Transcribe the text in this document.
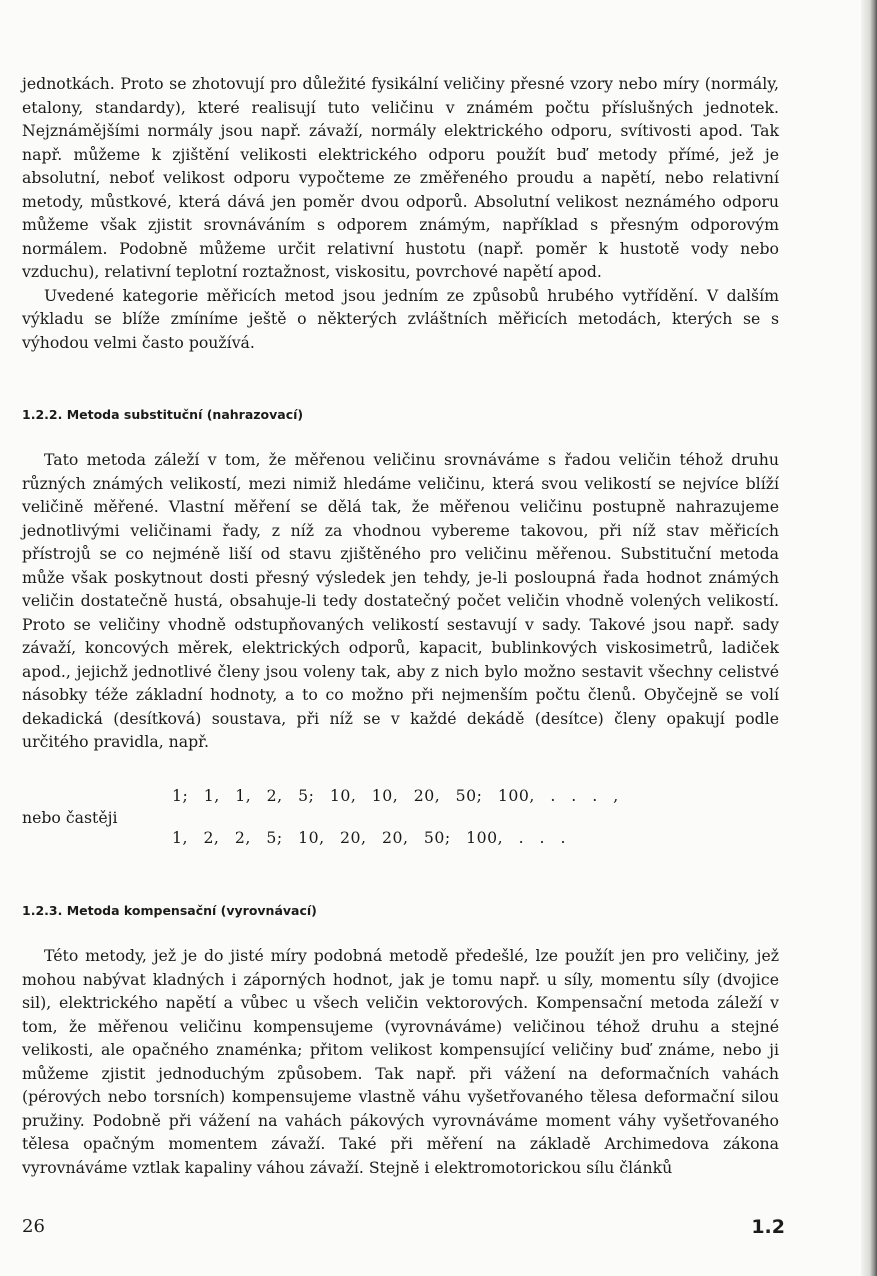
jednotkách. Proto se zhotovují pro důležité fysikální veličiny přesné vzory nebo míry (normály, etalony, standardy), které realisují tuto veličinu v známém počtu příslušných jednotek. Nejznámějšími normály jsou např. závaží, normály elektrického odporu, svítivosti apod. Tak např. můžeme k zjištění velikosti elektrického odporu použít buď metody přímé, jež je absolutní, neboť velikost odporu vypočteme ze změřeného proudu a napětí, nebo relativní metody, můstkové, která dává jen poměr dvou odporů. Absolutní velikost neznámého odporu můžeme však zjistit srovnáváním s odporem známým, například s přesným odporovým normálem. Podobně můžeme určit relativní hustotu (např. poměr k hustotě vody nebo vzduchu), relativní teplotní roztažnost, viskositu, povrchové napětí apod.

Uvedené kategorie měřicích metod jsou jedním ze způsobů hrubého vytřídění. V dalším výkladu se blíže zmíníme ještě o některých zvláštních měřicích metodách, kterých se s výhodou velmi často používá.

1.2.2. Metoda substituční (nahrazovací)

Tato metoda záleží v tom, že měřenou veličinu srovnáváme s řadou veličin téhož druhu různých známých velikostí, mezi nimiž hledáme veličinu, která svou velikostí se nejvíce blíží veličině měřené. Vlastní měření se dělá tak, že měřenou veličinu postupně nahrazujeme jednotlivými veličinami řady, z níž za vhodnou vybereme takovou, při níž stav měřicích přístrojů se co nejméně liší od stavu zjištěného pro veličinu měřenou. Substituční metoda může však poskytnout dosti přesný výsledek jen tehdy, je-li posloupná řada hodnot známých veličin dostatečně hustá, obsahuje-li tedy dostatečný počet veličin vhodně volených velikostí. Proto se veličiny vhodně odstupňovaných velikostí sestavují v sady. Takové jsou např. sady závaží, koncových měrek, elektrických odporů, kapacit, bublinkových viskosimetrů, ladiček apod., jejichž jednotlivé členy jsou voleny tak, aby z nich bylo možno sestavit všechny celistvé násobky téže základní hodnoty, a to co možno při nejmenším počtu členů. Obyčejně se volí dekadická (desítková) soustava, při níž se v každé dekádě (desítce) členy opakují podle určitého pravidla, např.

1; 1, 1, 2, 5; 10, 10, 20, 50; 100, . . . ,
nebo častěji
1, 2, 2, 5; 10, 20, 20, 50; 100, . . .
1.2.3. Metoda kompensační (vyrovnávací)

Této metody, jež je do jisté míry podobná metodě předešlé, lze použít jen pro veličiny, jež mohou nabývat kladných i záporných hodnot, jak je tomu např. u síly, momentu síly (dvojice sil), elektrického napětí a vůbec u všech veličin vektorových. Kompensační metoda záleží v tom, že měřenou veličinu kompensujeme (vyrovnáváme) veličinou téhož druhu a stejné velikosti, ale opačného znaménka; přitom velikost kompensující veličiny buď známe, nebo ji můžeme zjistit jednoduchým způsobem. Tak např. při vážení na deformačních vahách (pérových nebo torsních) kompensujeme vlastně váhu vyšetřovaného tělesa deformační silou pružiny. Podobně při vážení na vahách pákových vyrovnáváme moment váhy vyšetřovaného tělesa opačným momentem závaží. Také při měření na základě Archimedova zákona vyrovnáváme vztlak kapaliny váhou závaží. Stejně i elektromotorickou sílu článků

26	1.2
